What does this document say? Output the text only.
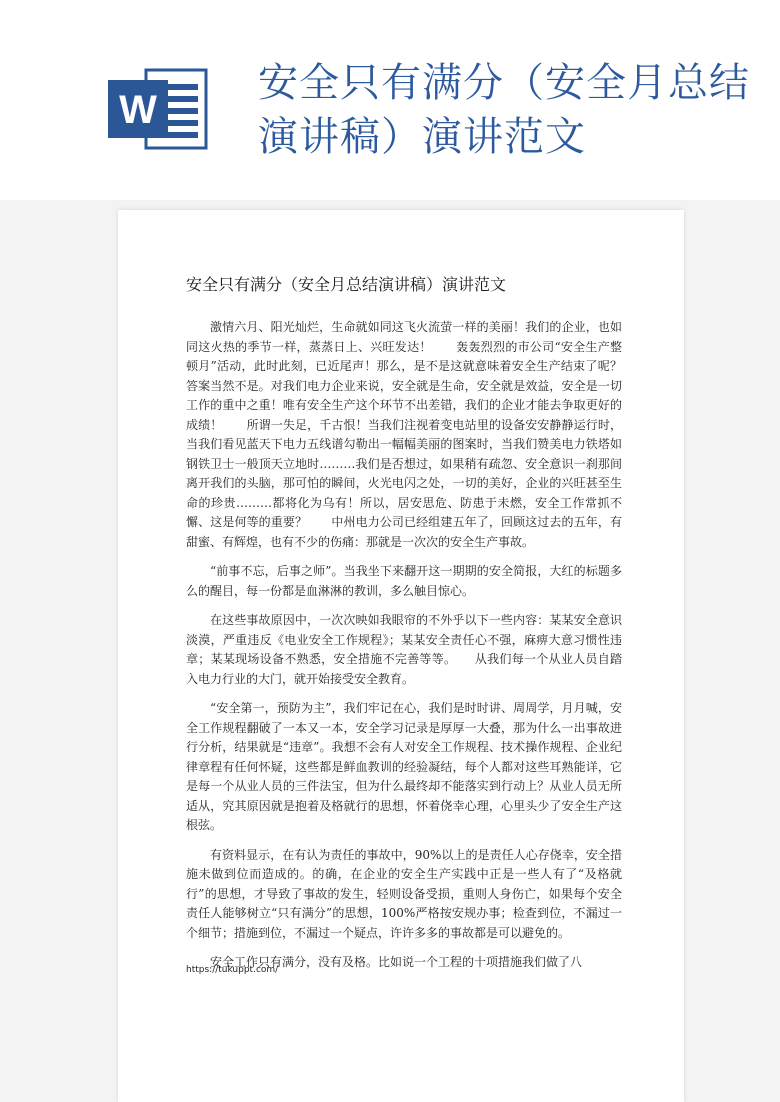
W
安全只有满分（安全月总结演讲稿）演讲范文
安全只有满分（安全月总结演讲稿）演讲范文

激情六月、阳光灿烂，生命就如同这飞火流萤一样的美丽！我们的企业，也如同这火热的季节一样，蒸蒸日上、兴旺发达！　　轰轰烈烈的市公司“安全生产整顿月”活动，此时此刻，已近尾声！那么，是不是这就意味着安全生产结束了呢？答案当然不是。对我们电力企业来说，安全就是生命，安全就是效益，安全是一切工作的重中之重！唯有安全生产这个环节不出差错，我们的企业才能去争取更好的成绩！　　所谓一失足，千古恨！当我们注视着变电站里的设备安安静静运行时，当我们看见蓝天下电力五线谱勾勒出一幅幅美丽的图案时，当我们赞美电力铁塔如钢铁卫士一般顶天立地时………我们是否想过，如果稍有疏忽、安全意识一刹那间离开我们的头脑，那可怕的瞬间，火光电闪之处，一切的美好，企业的兴旺甚至生命的珍贵………都将化为乌有！所以，居安思危、防患于未燃，安全工作常抓不懈、这是何等的重要？　　中州电力公司已经组建五年了，回顾这过去的五年，有甜蜜、有辉煌，也有不少的伤痛：那就是一次次的安全生产事故。

“前事不忘，后事之师”。当我坐下来翻开这一期期的安全简报，大红的标题多么的醒目，每一份都是血淋淋的教训，多么触目惊心。

在这些事故原因中，一次次映如我眼帘的不外乎以下一些内容：某某安全意识淡漠，严重违反《电业安全工作规程》；某某安全责任心不强，麻痹大意习惯性违章；某某现场设备不熟悉，安全措施不完善等等。　　从我们每一个从业人员自踏入电力行业的大门，就开始接受安全教育。

“安全第一，预防为主”，我们牢记在心，我们是时时讲、周周学，月月喊，安全工作规程翻破了一本又一本，安全学习记录是厚厚一大叠，那为什么一出事故进行分析，结果就是“违章”。我想不会有人对安全工作规程、技术操作规程、企业纪律章程有任何怀疑，这些都是鲜血教训的经验凝结，每个人都对这些耳熟能详，它是每一个从业人员的三件法宝，但为什么最终却不能落实到行动上？从业人员无所适从，究其原因就是抱着及格就行的思想，怀着侥幸心理，心里头少了安全生产这根弦。

有资料显示，在有认为责任的事故中，90%以上的是责任人心存侥幸，安全措施未做到位而造成的。的确，在企业的安全生产实践中正是一些人有了“及格就行”的思想，才导致了事故的发生，轻则设备受损，重则人身伤亡，如果每个安全责任人能够树立“只有满分”的思想，100%严格按安规办事；检查到位，不漏过一个细节；措施到位，不漏过一个疑点，许许多多的事故都是可以避免的。

安全工作只有满分，没有及格。比如说一个工程的十项措施我们做了八

https://tukuppt.com/
